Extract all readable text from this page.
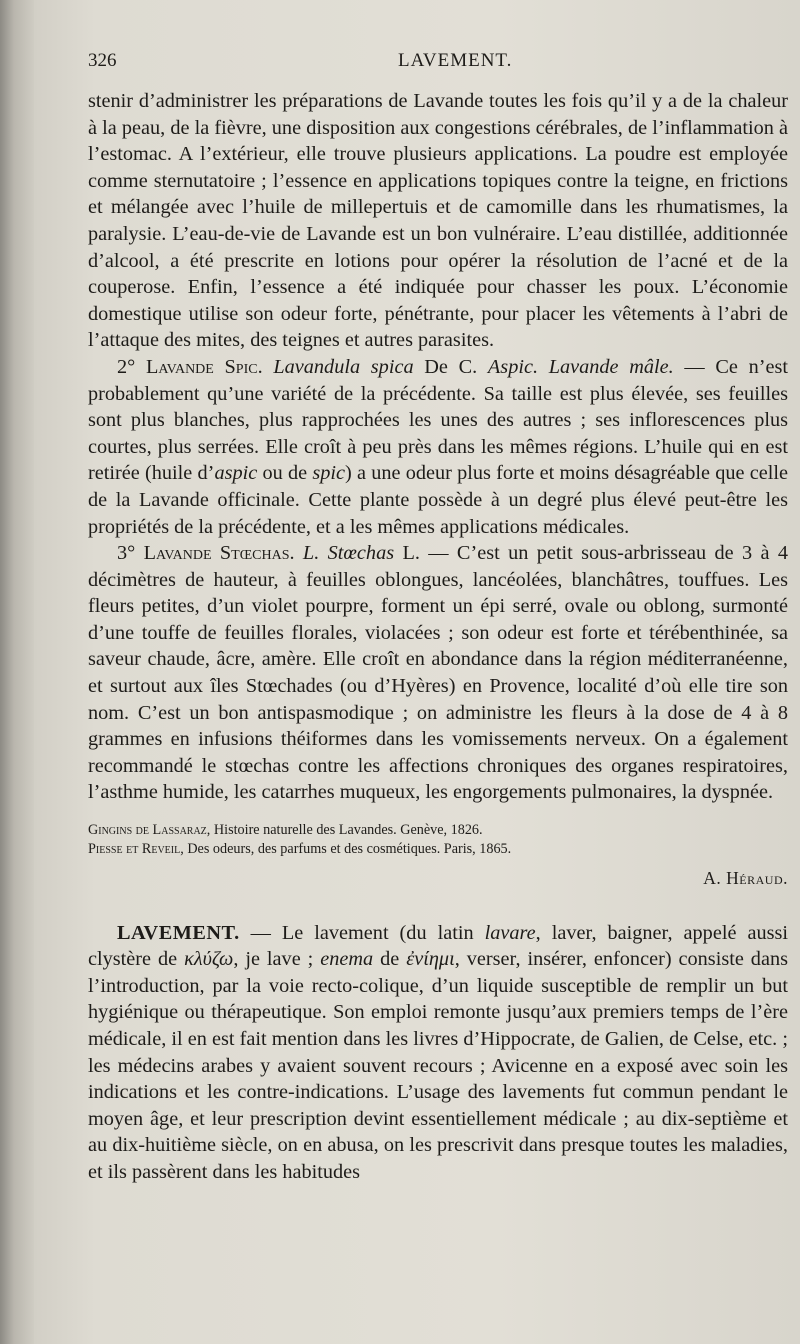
326	LAVEMENT.

stenir d’administrer les préparations de Lavande toutes les fois qu’il y a de la chaleur à la peau, de la fièvre, une disposition aux congestions cérébrales, de l’inflammation à l’estomac. A l’extérieur, elle trouve plusieurs applications. La poudre est employée comme sternutatoire ; l’essence en applications topiques contre la teigne, en frictions et mélangée avec l’huile de millepertuis et de camomille dans les rhumatismes, la paralysie. L’eau-de-vie de Lavande est un bon vulnéraire. L’eau distillée, additionnée d’alcool, a été prescrite en lotions pour opérer la résolution de l’acné et de la couperose. Enfin, l’essence a été indiquée pour chasser les poux. L’économie domestique utilise son odeur forte, pénétrante, pour placer les vêtements à l’abri de l’attaque des mites, des teignes et autres parasites.

2° Lavande Spic. Lavandula spica De C. Aspic. Lavande mâle. — Ce n’est probablement qu’une variété de la précédente. Sa taille est plus élevée, ses feuilles sont plus blanches, plus rapprochées les unes des autres ; ses inflorescences plus courtes, plus serrées. Elle croît à peu près dans les mêmes régions. L’huile qui en est retirée (huile d’aspic ou de spic) a une odeur plus forte et moins désagréable que celle de la Lavande officinale. Cette plante possède à un degré plus élevé peut-être les propriétés de la précédente, et a les mêmes applications médicales.

3° Lavande Stœchas. L. Stœchas L. — C’est un petit sous-arbrisseau de 3 à 4 décimètres de hauteur, à feuilles oblongues, lancéolées, blanchâtres, touffues. Les fleurs petites, d’un violet pourpre, forment un épi serré, ovale ou oblong, surmonté d’une touffe de feuilles florales, violacées ; son odeur est forte et térébenthinée, sa saveur chaude, âcre, amère. Elle croît en abondance dans la région méditerranéenne, et surtout aux îles Stœchades (ou d’Hyères) en Provence, localité d’où elle tire son nom. C’est un bon antispasmodique ; on administre les fleurs à la dose de 4 à 8 grammes en infusions théiformes dans les vomissements nerveux. On a également recommandé le stœchas contre les affections chroniques des organes respiratoires, l’asthme humide, les catarrhes muqueux, les engorgements pulmonaires, la dyspnée.

Gingins de Lassaraz, Histoire naturelle des Lavandes. Genève, 1826.

Piesse et Reveil, Des odeurs, des parfums et des cosmétiques. Paris, 1865.

A. Héraud.

LAVEMENT. — Le lavement (du latin lavare, laver, baigner, appelé aussi clystère de κλύζω, je lave ; enema de ἐνίημι, verser, insérer, enfoncer) consiste dans l’introduction, par la voie recto-colique, d’un liquide susceptible de remplir un but hygiénique ou thérapeutique. Son emploi remonte jusqu’aux premiers temps de l’ère médicale, il en est fait mention dans les livres d’Hippocrate, de Galien, de Celse, etc. ; les médecins arabes y avaient souvent recours ; Avicenne en a exposé avec soin les indications et les contre-indications. L’usage des lavements fut commun pendant le moyen âge, et leur prescription devint essentiellement médicale ; au dix-septième et au dix-huitième siècle, on en abusa, on les prescrivit dans presque toutes les maladies, et ils passèrent dans les habitudes
